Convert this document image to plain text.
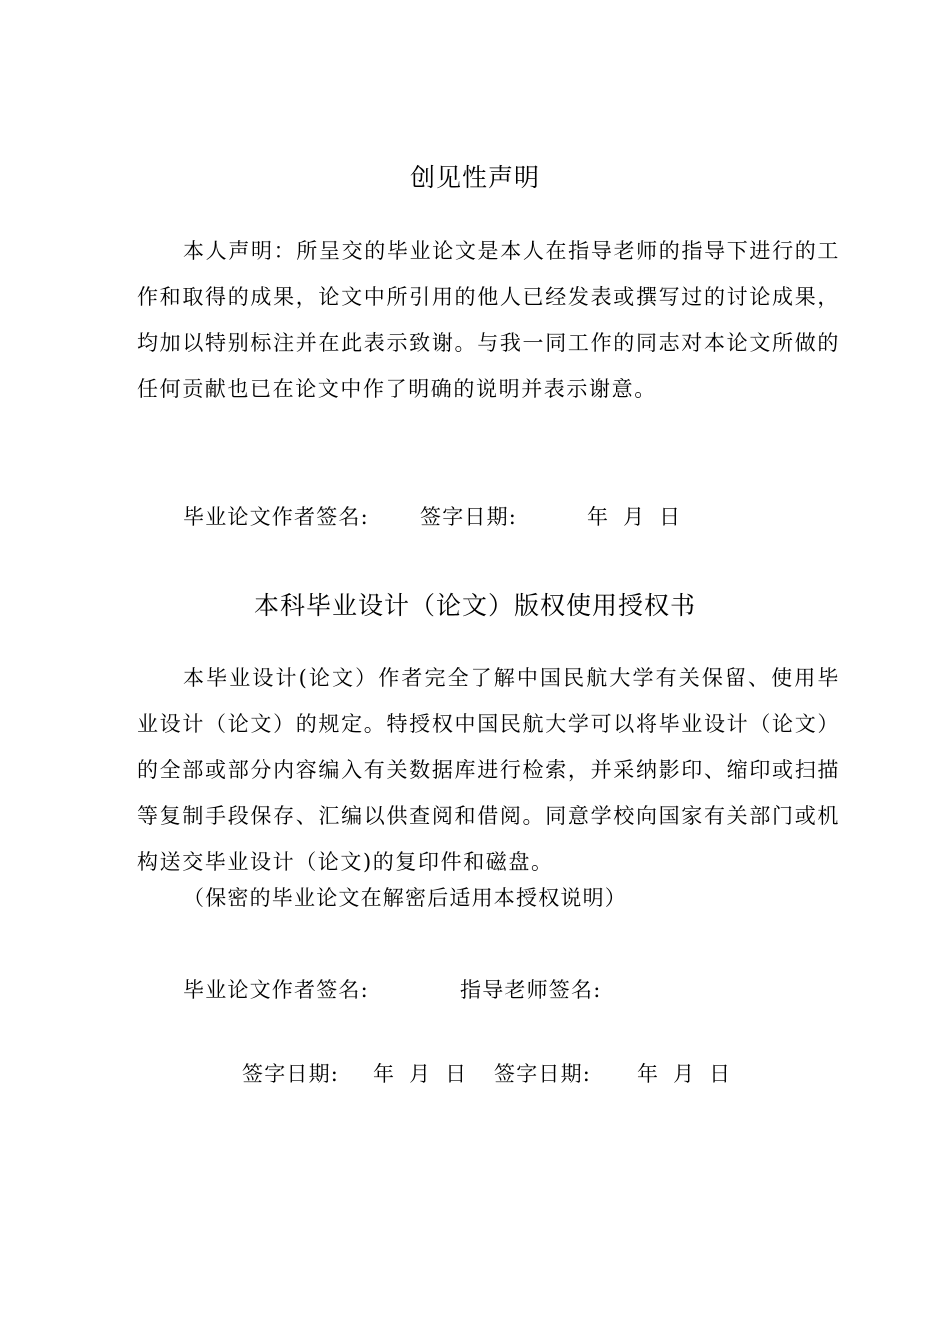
创见性声明

本人声明：所呈交的毕业论文是本人在指导老师的指导下进行的工作和取得的成果，论文中所引用的他人已经发表或撰写过的讨论成果，均加以特别标注并在此表示致谢。与我一同工作的同志对本论文所做的任何贡献也已在论文中作了明确的说明并表示谢意。

毕业论文作者签名: 签字日期:	年 月 日
本科毕业设计（论文）版权使用授权书

本毕业设计(论文）作者完全了解中国民航大学有关保留、使用毕业设计（论文）的规定。特授权中国民航大学可以将毕业设计（论文）的全部或部分内容编入有关数据库进行检索，并采纳影印、缩印或扫描等复制手段保存、汇编以供查阅和借阅。同意学校向国家有关部门或机构送交毕业设计（论文)的复印件和磁盘。

（保密的毕业论文在解密后适用本授权说明）
毕业论文作者签名:	指导老师签名:
签字日期: 年 月 日 签字日期: 年 月 日
